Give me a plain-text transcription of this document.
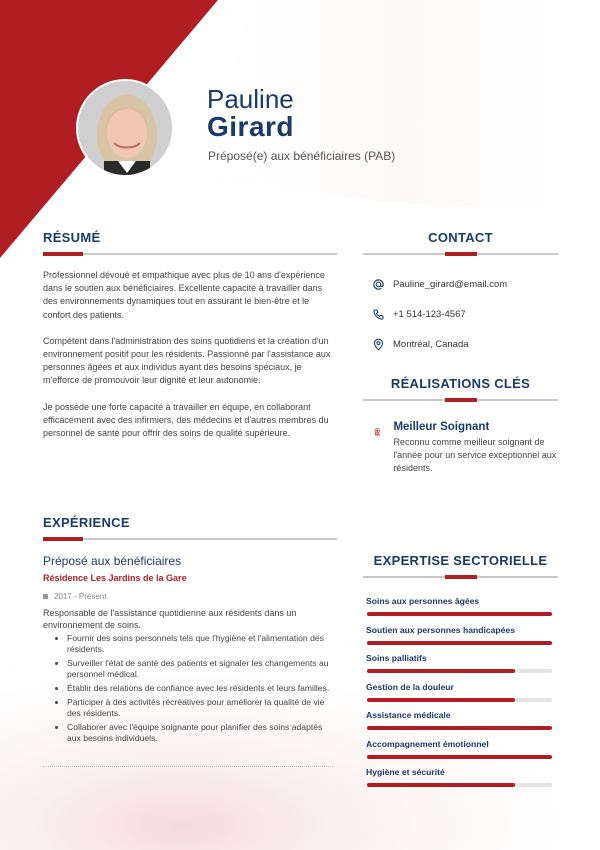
Pauline
Girard
Préposé(e) aux bénéficiaires (PAB)
RÉSUMÉ

Professionnel dévoué et empathique avec plus de 10 ans d'expérience dans le soutien aux bénéficiaires. Excellente capacité à travailler dans des environnements dynamiques tout en assurant le bien-être et le confort des patients.

Compétent dans l'administration des soins quotidiens et la création d'un environnement positif pour les résidents. Passionné par l'assistance aux personnes âgées et aux individus ayant des besoins spéciaux, je m'efforce de promouvoir leur dignité et leur autonomie.

Je possède une forte capacité à travailler en équipe, en collaborant efficacement avec des infirmiers, des médecins et d'autres membres du personnel de santé pour offrir des soins de qualité supérieure.

EXPÉRIENCE
Préposé aux bénéficiaires
Résidence Les Jardins de la Gare
2017 - Présent
Responsable de l'assistance quotidienne aux résidents dans un environnement de soins.
• Fournir des soins personnels tels que l'hygiène et l'alimentation des résidents.
• Surveiller l'état de santé des patients et signaler les changements au personnel médical.
• Établir des relations de confiance avec les résidents et leurs familles.
• Participer à des activités récréatives pour améliorer la qualité de vie des résidents.
• Collaborer avec l'équipe soignante pour planifier des soins adaptés aux besoins individuels.
CONTACT
Pauline_girard@email.com
+1 514-123-4567
Montréal, Canada
RÉALISATIONS CLÉS
Meilleur Soignant
Reconnu comme meilleur soignant de l'année pour un service exceptionnel aux résidents.
EXPERTISE SECTORIELLE
Soins aux personnes âgées
Soutien aux personnes handicapées
Soins palliatifs
Gestion de la douleur
Assistance médicale
Accompagnement émotionnel
Hygiène et sécurité
